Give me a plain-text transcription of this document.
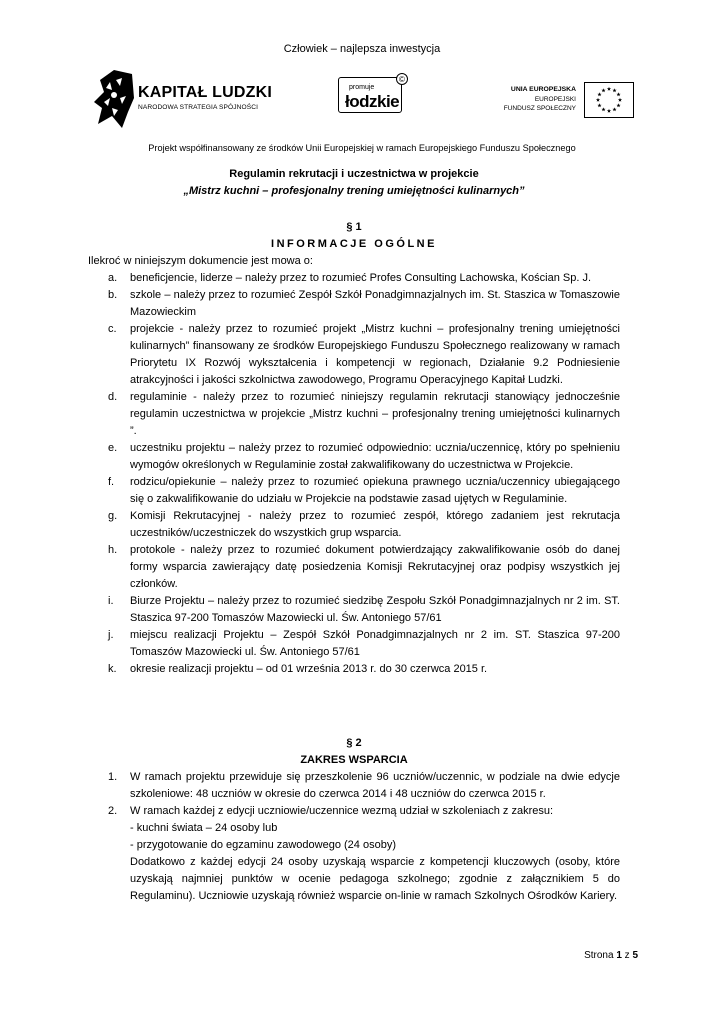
Człowiek – najlepsza inwestycja
KAPITAŁ LUDZKI
NARODOWA STRATEGIA SPÓJNOŚCI
promuje
łodzkie
©
UNIA EUROPEJSKA
EUROPEJSKI
FUNDUSZ SPOŁECZNY
Projekt współfinansowany ze środków Unii Europejskiej w ramach Europejskiego Funduszu Społecznego
Regulamin rekrutacji i uczestnictwa w projekcie
„Mistrz kuchni – profesjonalny trening umiejętności kulinarnych”
§ 1
INFORMACJE OGÓLNE
Ilekroć w niniejszym dokumencie jest mowa o:
a. beneficjencie, liderze – należy przez to rozumieć Profes Consulting Lachowska, Kościan Sp. J.
b. szkole – należy przez to rozumieć Zespół Szkół Ponadgimnazjalnych im. St. Staszica w Tomaszowie Mazowieckim
c. projekcie - należy przez to rozumieć projekt „Mistrz kuchni – profesjonalny trening umiejętności kulinarnych” finansowany ze środków Europejskiego Funduszu Społecznego realizowany w ramach Priorytetu IX Rozwój wykształcenia i kompetencji w regionach, Działanie 9.2 Podniesienie atrakcyjności i jakości szkolnictwa zawodowego, Programu Operacyjnego Kapitał Ludzki.
d. regulaminie - należy przez to rozumieć niniejszy regulamin rekrutacji stanowiący jednocześnie regulamin uczestnictwa w projekcie „Mistrz kuchni – profesjonalny trening umiejętności kulinarnych ”.
e. uczestniku projektu – należy przez to rozumieć odpowiednio: ucznia/uczennicę, który po spełnieniu wymogów określonych w Regulaminie został zakwalifikowany do uczestnictwa w Projekcie.
f. rodzicu/opiekunie – należy przez to rozumieć opiekuna prawnego ucznia/uczennicy ubiegającego się o zakwalifikowanie do udziału w Projekcie na podstawie zasad ujętych w Regulaminie.
g. Komisji Rekrutacyjnej - należy przez to rozumieć zespół, którego zadaniem jest rekrutacja uczestników/uczestniczek do wszystkich grup wsparcia.
h. protokole - należy przez to rozumieć dokument potwierdzający zakwalifikowanie osób do danej formy wsparcia zawierający datę posiedzenia Komisji Rekrutacyjnej oraz podpisy wszystkich jej członków.
i. Biurze Projektu – należy przez to rozumieć siedzibę Zespołu Szkół Ponadgimnazjalnych nr 2 im. ST. Staszica 97-200 Tomaszów Mazowiecki ul. Św. Antoniego 57/61
j. miejscu realizacji Projektu – Zespół Szkół Ponadgimnazjalnych nr 2 im. ST. Staszica 97-200 Tomaszów Mazowiecki ul. Św. Antoniego 57/61
k. okresie realizacji projektu – od 01 września 2013 r. do 30 czerwca 2015 r.
§ 2
ZAKRES WSPARCIA
1. W ramach projektu przewiduje się przeszkolenie 96 uczniów/uczennic, w podziale na dwie edycje szkoleniowe: 48 uczniów w okresie do czerwca 2014 i 48 uczniów do czerwca 2015 r.
2. W ramach każdej z edycji uczniowie/uczennice wezmą udział w szkoleniach z zakresu:
- kuchni świata – 24 osoby lub
- przygotowanie do egzaminu zawodowego (24 osoby)
Dodatkowo z każdej edycji 24 osoby uzyskają wsparcie z kompetencji kluczowych (osoby, które uzyskają najmniej punktów w ocenie pedagoga szkolnego; zgodnie z załącznikiem 5 do Regulaminu). Uczniowie uzyskają również wsparcie on-linie w ramach Szkolnych Ośrodków Kariery.
Strona 1 z 5
